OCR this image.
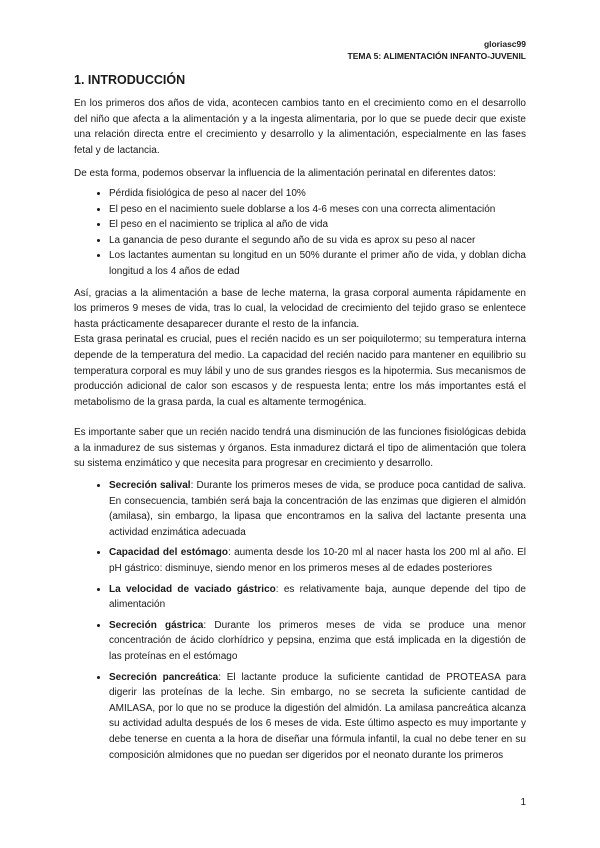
gloriasc99
TEMA 5: ALIMENTACIÓN INFANTO-JUVENIL
1. INTRODUCCIÓN

En los primeros dos años de vida, acontecen cambios tanto en el crecimiento como en el desarrollo del niño que afecta a la alimentación y a la ingesta alimentaria, por lo que se puede decir que existe una relación directa entre el crecimiento y desarrollo y la alimentación, especialmente en las fases fetal y de lactancia.

De esta forma, podemos observar la influencia de la alimentación perinatal en diferentes datos:

• Pérdida fisiológica de peso al nacer del 10%
• El peso en el nacimiento suele doblarse a los 4-6 meses con una correcta alimentación
• El peso en el nacimiento se triplica al año de vida
• La ganancia de peso durante el segundo año de su vida es aprox su peso al nacer
• Los lactantes aumentan su longitud en un 50% durante el primer año de vida, y doblan dicha longitud a los 4 años de edad

Así, gracias a la alimentación a base de leche materna, la grasa corporal aumenta rápidamente en los primeros 9 meses de vida, tras lo cual, la velocidad de crecimiento del tejido graso se enlentece hasta prácticamente desaparecer durante el resto de la infancia.

Esta grasa perinatal es crucial, pues el recién nacido es un ser poiquilotermo; su temperatura interna depende de la temperatura del medio. La capacidad del recién nacido para mantener en equilibrio su temperatura corporal es muy lábil y uno de sus grandes riesgos es la hipotermia. Sus mecanismos de producción adicional de calor son escasos y de respuesta lenta; entre los más importantes está el metabolismo de la grasa parda, la cual es altamente termogénica.

Es importante saber que un recién nacido tendrá una disminución de las funciones fisiológicas debida a la inmadurez de sus sistemas y órganos. Esta inmadurez dictará el tipo de alimentación que tolera su sistema enzimático y que necesita para progresar en crecimiento y desarrollo.

• Secreción salival: Durante los primeros meses de vida, se produce poca cantidad de saliva. En consecuencia, también será baja la concentración de las enzimas que digieren el almidón (amilasa), sin embargo, la lipasa que encontramos en la saliva del lactante presenta una actividad enzimática adecuada
• Capacidad del estómago: aumenta desde los 10-20 ml al nacer hasta los 200 ml al año. El pH gástrico: disminuye, siendo menor en los primeros meses al de edades posteriores
• La velocidad de vaciado gástrico: es relativamente baja, aunque depende del tipo de alimentación
• Secreción gástrica: Durante los primeros meses de vida se produce una menor concentración de ácido clorhídrico y pepsina, enzima que está implicada en la digestión de las proteínas en el estómago
• Secreción pancreática: El lactante produce la suficiente cantidad de PROTEASA para digerir las proteínas de la leche. Sin embargo, no se secreta la suficiente cantidad de AMILASA, por lo que no se produce la digestión del almidón. La amilasa pancreática alcanza su actividad adulta después de los 6 meses de vida. Este último aspecto es muy importante y debe tenerse en cuenta a la hora de diseñar una fórmula infantil, la cual no debe tener en su composición almidones que no puedan ser digeridos por el neonato durante los primeros
1
